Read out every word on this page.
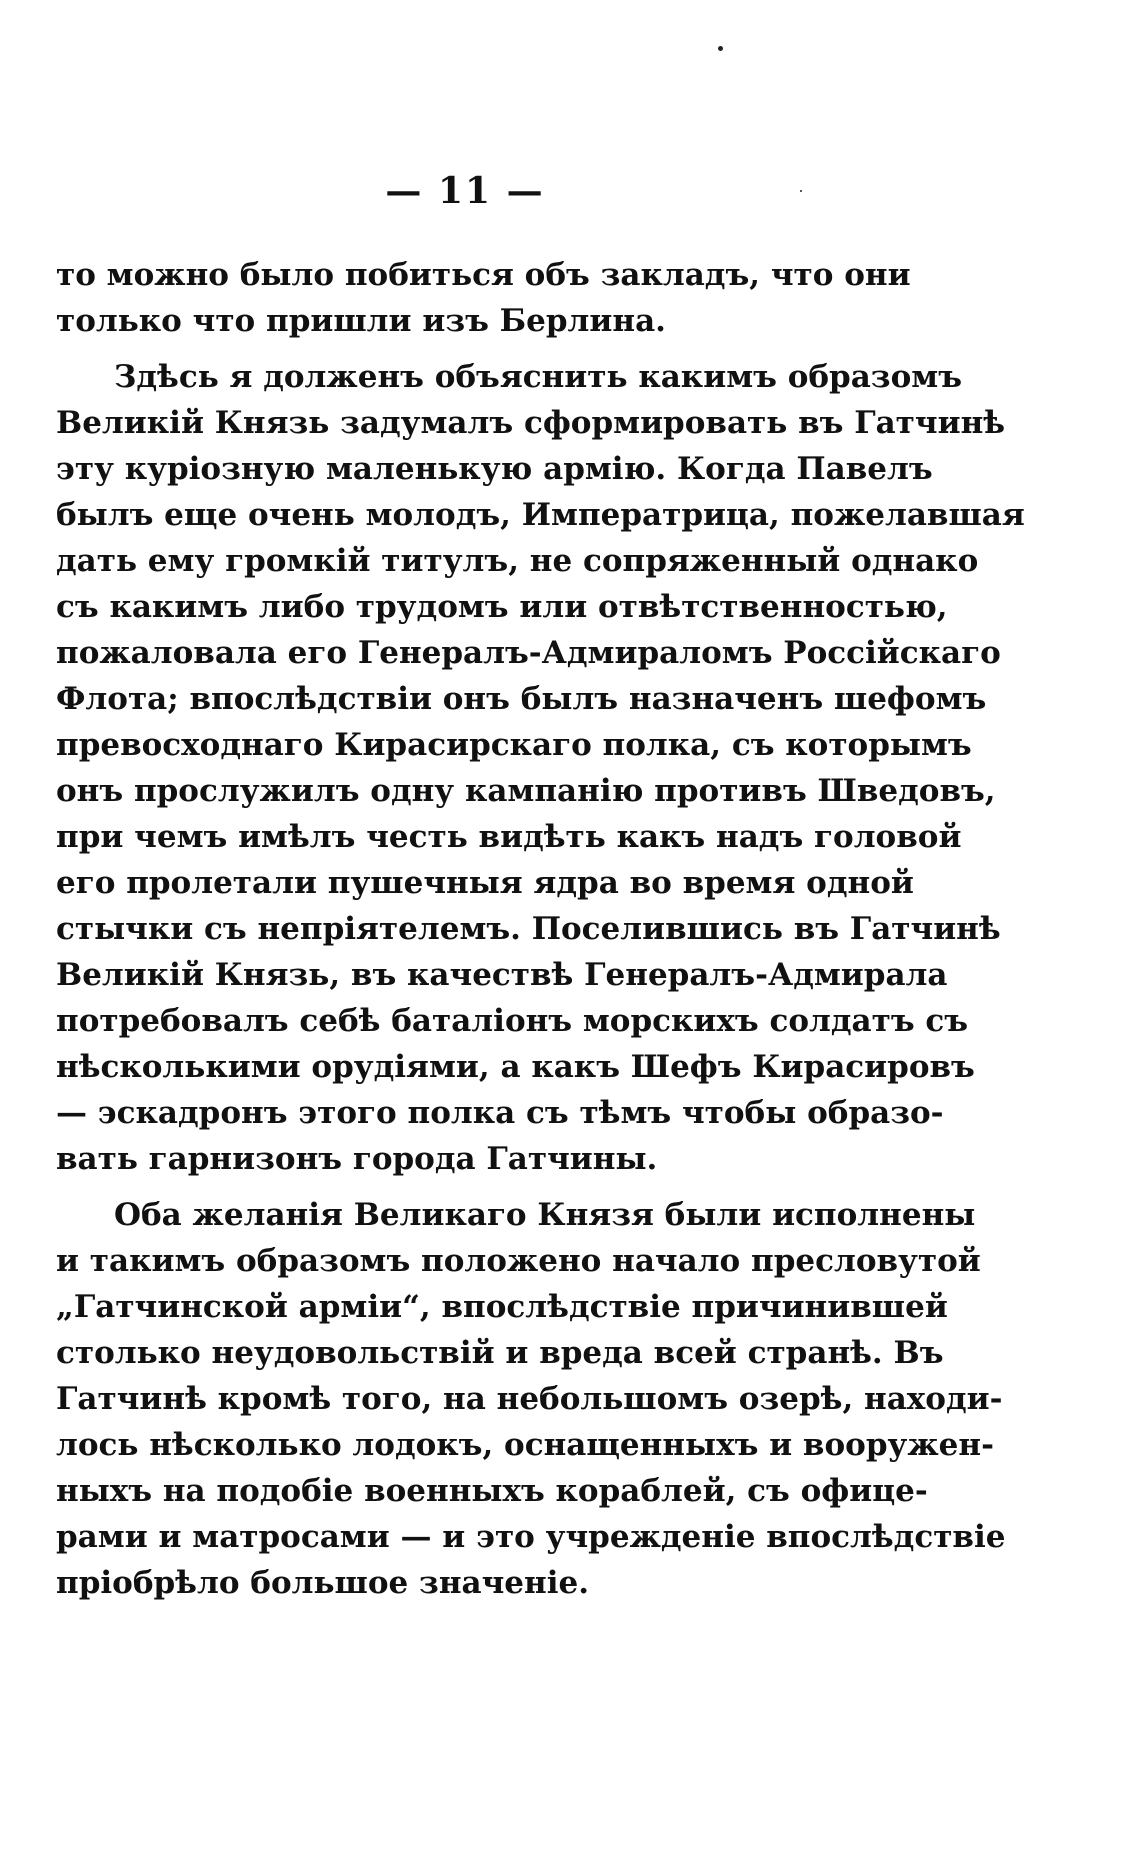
— 11 —
то можно было побиться объ закладъ, что они
только что пришли изъ Берлина.
Здѣсь я долженъ объяснить какимъ образомъ
Великій Князь задумалъ сформировать въ Гатчинѣ
эту куріозную маленькую армію. Когда Павелъ
былъ еще очень молодъ, Императрица, пожелавшая
дать ему громкій титулъ, не сопряженный однако
съ какимъ либо трудомъ или отвѣтственностью,
пожаловала его Генералъ-Адмираломъ Россійскаго
Флота; впослѣдствіи онъ былъ назначенъ шефомъ
превосходнаго Кирасирскаго полка, съ которымъ
онъ прослужилъ одну кампанію противъ Шведовъ,
при чемъ имѣлъ честь видѣть какъ надъ головой
его пролетали пушечныя ядра во время одной
стычки съ непріятелемъ. Поселившись въ Гатчинѣ
Великій Князь, въ качествѣ Генералъ-Адмирала
потребовалъ себѣ баталіонъ морскихъ солдатъ съ
нѣсколькими орудіями, а какъ Шефъ Кирасировъ
— эскадронъ этого полка съ тѣмъ чтобы образо-
вать гарнизонъ города Гатчины.
Оба желанія Великаго Князя были исполнены
и такимъ образомъ положено начало пресловутой
„Гатчинской арміи“, впослѣдствіе причинившей
столько неудовольствій и вреда всей странѣ. Въ
Гатчинѣ кромѣ того, на небольшомъ озерѣ, находи-
лось нѣсколько лодокъ, оснащенныхъ и вооружен-
ныхъ на подобіе военныхъ кораблей, съ офице-
рами и матросами — и это учрежденіе впослѣдствіе
пріобрѣло большое значеніе.
